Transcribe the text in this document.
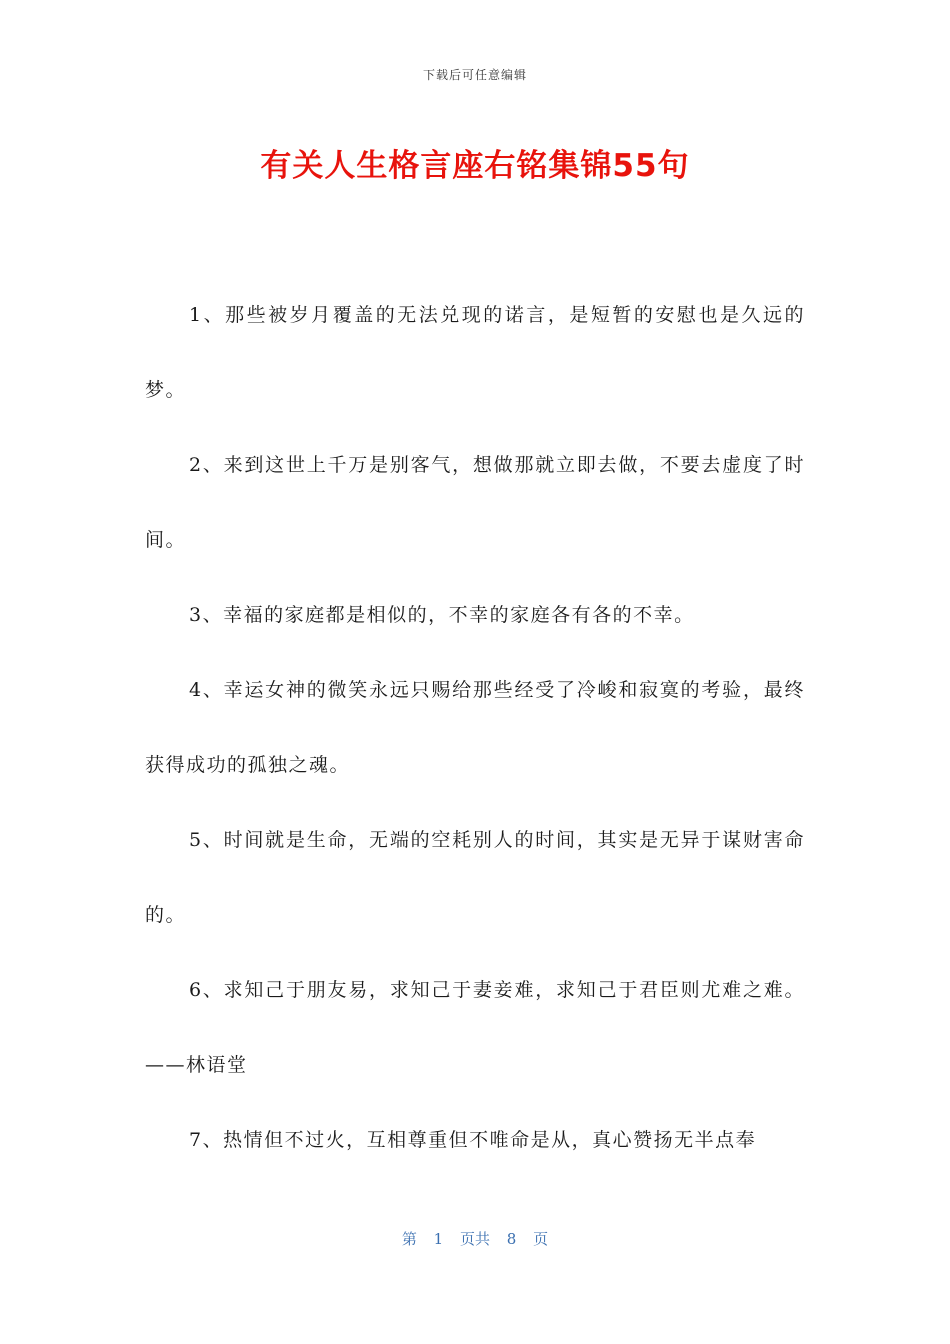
下载后可任意编辑
有关人生格言座右铭集锦55句

1、那些被岁月覆盖的无法兑现的诺言，是短暂的安慰也是久远的梦。

2、来到这世上千万是别客气，想做那就立即去做，不要去虚度了时间。

3、幸福的家庭都是相似的，不幸的家庭各有各的不幸。

4、幸运女神的微笑永远只赐给那些经受了冷峻和寂寞的考验，最终获得成功的孤独之魂。

5、时间就是生命，无端的空耗别人的时间，其实是无异于谋财害命的。

6、求知己于朋友易，求知己于妻妾难，求知己于君臣则尤难之难。——林语堂

7、热情但不过火，互相尊重但不唯命是从，真心赞扬无半点奉

第 1 页共 8 页
